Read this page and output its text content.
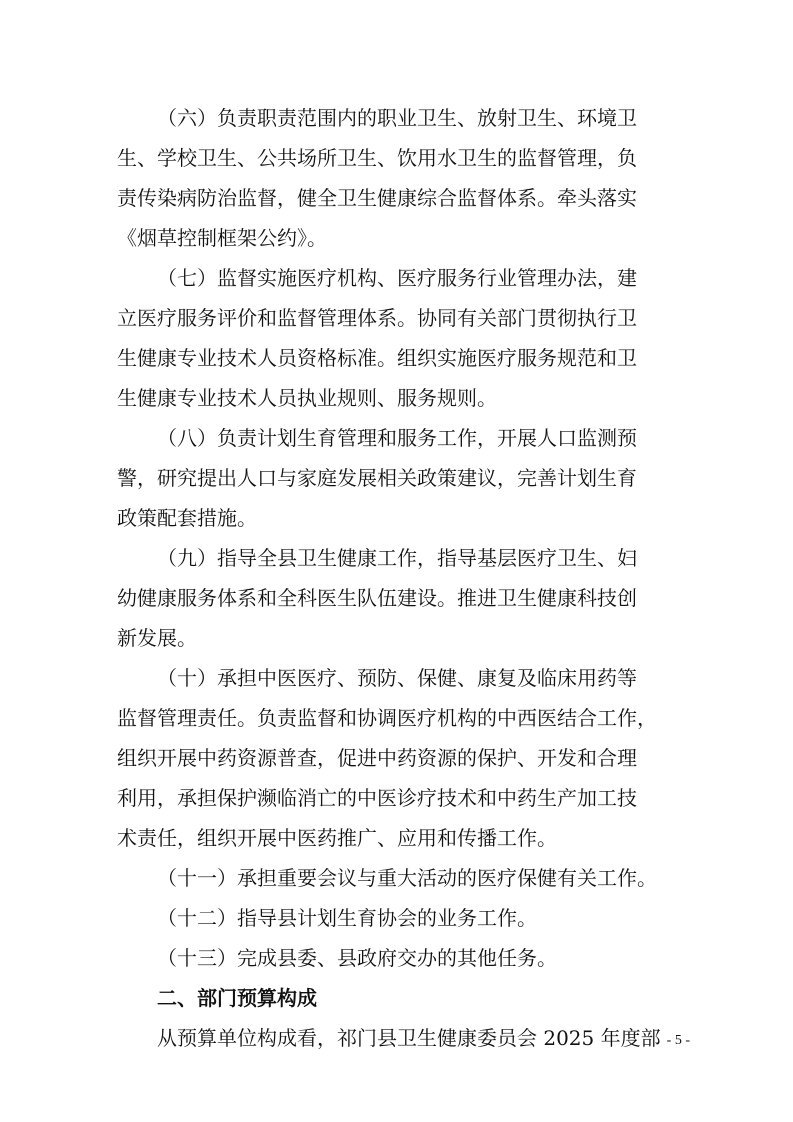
（六）负责职责范围内的职业卫生、放射卫生、环境卫
生、学校卫生、公共场所卫生、饮用水卫生的监督管理，负
责传染病防治监督，健全卫生健康综合监督体系。牵头落实
《烟草控制框架公约》。
（七）监督实施医疗机构、医疗服务行业管理办法，建
立医疗服务评价和监督管理体系。协同有关部门贯彻执行卫
生健康专业技术人员资格标准。组织实施医疗服务规范和卫
生健康专业技术人员执业规则、服务规则。
（八）负责计划生育管理和服务工作，开展人口监测预
警，研究提出人口与家庭发展相关政策建议，完善计划生育
政策配套措施。
（九）指导全县卫生健康工作，指导基层医疗卫生、妇
幼健康服务体系和全科医生队伍建设。推进卫生健康科技创
新发展。
（十）承担中医医疗、预防、保健、康复及临床用药等
监督管理责任。负责监督和协调医疗机构的中西医结合工作，
组织开展中药资源普查，促进中药资源的保护、开发和合理
利用，承担保护濒临消亡的中医诊疗技术和中药生产加工技
术责任，组织开展中医药推广、应用和传播工作。
（十一）承担重要会议与重大活动的医疗保健有关工作。
（十二）指导县计划生育协会的业务工作。
（十三）完成县委、县政府交办的其他任务。
二、部门预算构成
从预算单位构成看，祁门县卫生健康委员会 2025 年度部 - 5 -
